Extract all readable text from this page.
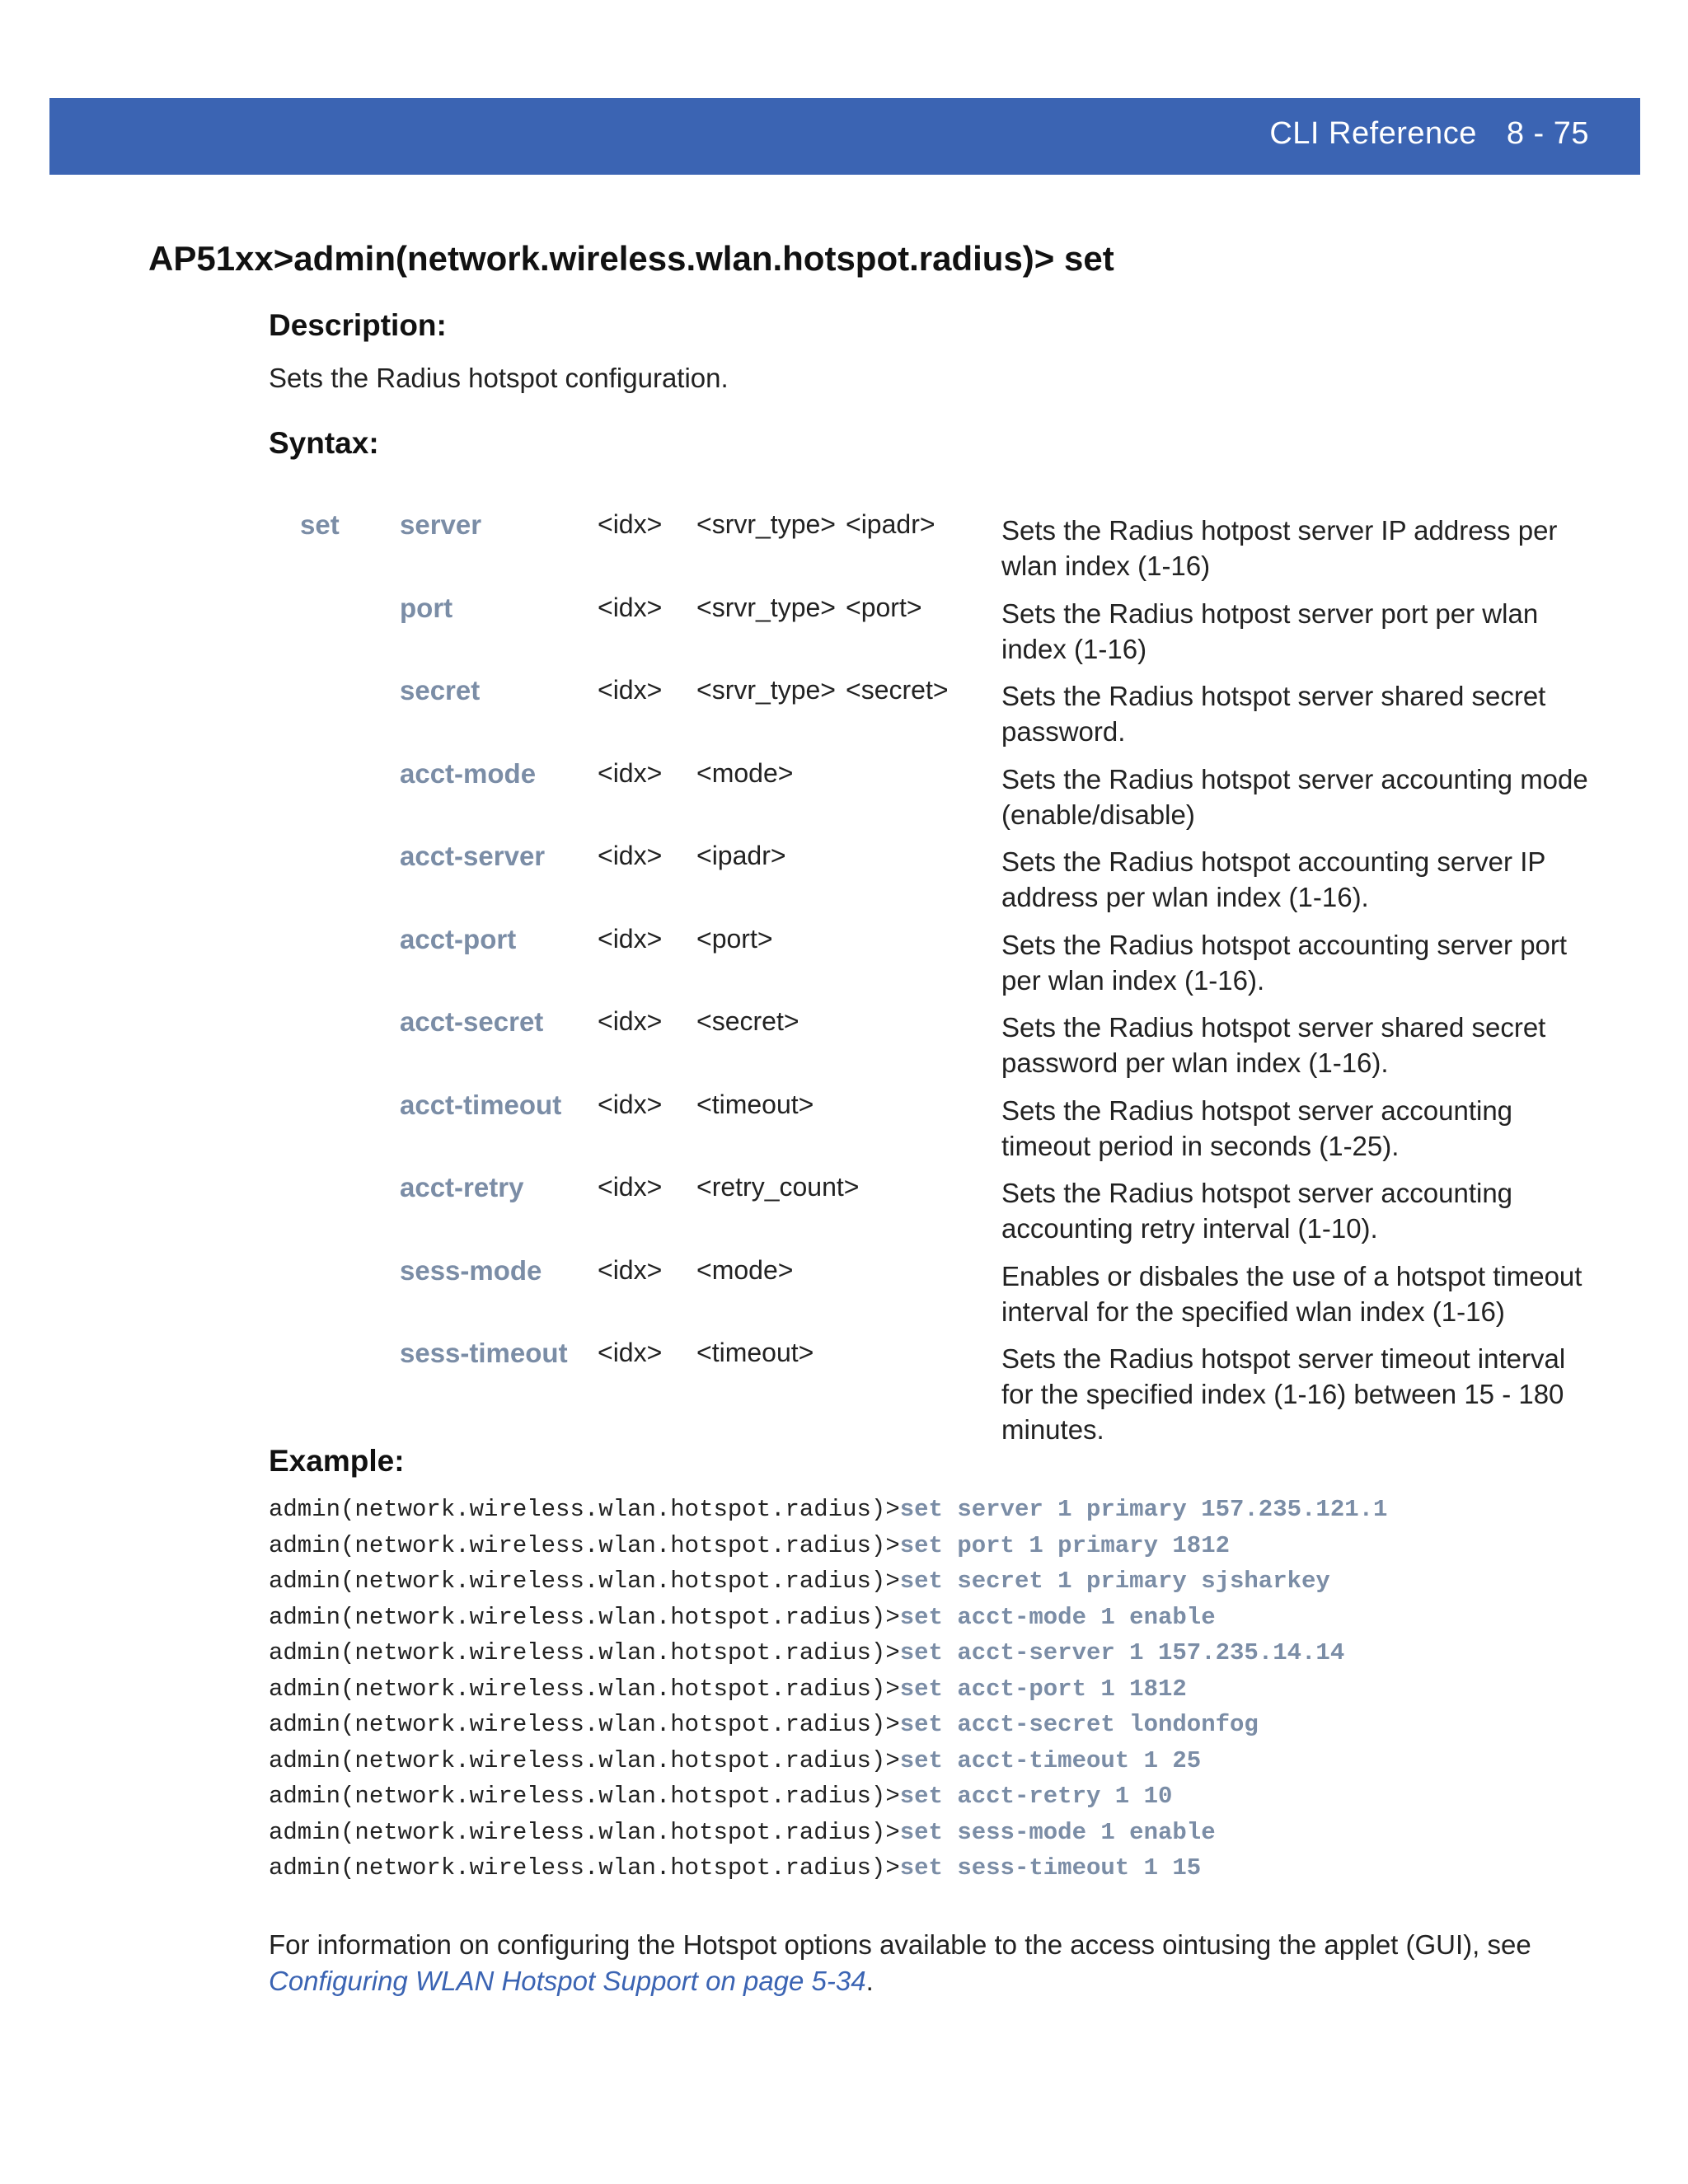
CLI Reference 8 - 75
AP51xx>admin(network.wireless.wlan.hotspot.radius)> set
Description:
Sets the Radius hotspot configuration.
Syntax:
set server	<idx> <srvr_type> <ipadr> Sets the Radius hotpost server IP address per wlan index (1-16)
port	<idx> <srvr_type> <port>	Sets the Radius hotpost server port per wlan index (1-16)
secret	<idx> <srvr_type> <secret> Sets the Radius hotspot server shared secret password.
acct-mode <idx> <mode>	Sets the Radius hotspot server accounting mode (enable/disable)
acct-server <idx> <ipadr>	Sets the Radius hotspot accounting server IP address per wlan index (1-16).
acct-port	<idx> <port>	Sets the Radius hotspot accounting server port per wlan index (1-16).
acct-secret <idx> <secret>	Sets the Radius hotspot server shared secret password per wlan index (1-16).
acct-timeout <idx> <timeout>	Sets the Radius hotspot server accounting timeout period in seconds (1-25).
acct-retry	<idx> <retry_count>	Sets the Radius hotspot server accounting accounting retry interval (1-10).
sess-mode <idx> <mode>	Enables or disbales the use of a hotspot timeout interval for the specified wlan index (1-16)
sess-timeout <idx> <timeout>	Sets the Radius hotspot server timeout interval for the specified index (1-16) between 15 - 180 minutes.
Example:
admin(network.wireless.wlan.hotspot.radius)>set server 1 primary 157.235.121.1
admin(network.wireless.wlan.hotspot.radius)>set port 1 primary 1812
admin(network.wireless.wlan.hotspot.radius)>set secret 1 primary sjsharkey
admin(network.wireless.wlan.hotspot.radius)>set acct-mode 1 enable
admin(network.wireless.wlan.hotspot.radius)>set acct-server 1 157.235.14.14
admin(network.wireless.wlan.hotspot.radius)>set acct-port 1 1812
admin(network.wireless.wlan.hotspot.radius)>set acct-secret londonfog
admin(network.wireless.wlan.hotspot.radius)>set acct-timeout 1 25
admin(network.wireless.wlan.hotspot.radius)>set acct-retry 1 10
admin(network.wireless.wlan.hotspot.radius)>set sess-mode 1 enable
admin(network.wireless.wlan.hotspot.radius)>set sess-timeout 1 15
For information on configuring the Hotspot options available to the access ointusing the applet (GUI), see Configuring WLAN Hotspot Support on page 5-34.
